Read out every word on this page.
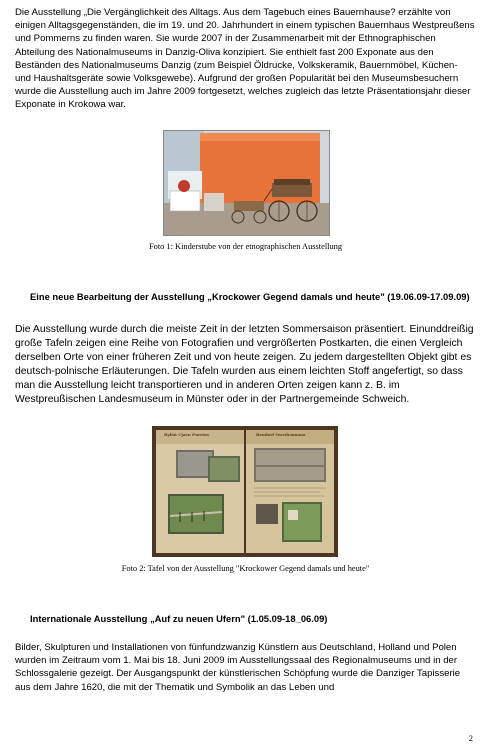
Die Ausstellung „Die Vergänglichkeit des Alltags. Aus dem Tagebuch eines Bauernhause? erzählte von einigen Alltagsgegenständen, die im 19. und 20. Jahrhundert in einem typischen Bauernhaus Westpreußens und Pommerns zu finden waren. Sie wurde 2007 in der Zusammenarbeit mit der Ethnographischen Abteilung des Nationalmuseums in Danzig-Oliva konzipiert. Sie enthielt fast 200 Exponate aus den Beständen des Nationalmuseums Danzig (zum Beispiel Öldrucke, Volkskeramik, Bauernmöbel, Küchen- und Haushaltsgeräte sowie Volksgewebe). Aufgrund der großen Popularität bei den Museumsbesuchern wurde die Ausstellung auch im Jahre 2009 fortgesetzt, welches zugleich das letzte Präsentationsjahr dieser Exponate in Krokowa war.

Foto 1: Kinderstube von der etnographischen Ausstellung

Eine neue Bearbeitung der Ausstellung „Krockower Gegend damals und heute" (19.06.09-17.09.09)

Die Ausstellung wurde durch die meiste Zeit in der letzten Sommersaison präsentiert. Einunddreißig große Tafeln zeigen eine Reihe von Fotografien und vergrößerten Postkarten, die einen Vergleich derselben Orte von einer früheren Zeit und von heute zeigen. Zu jedem dargestellten Objekt gibt es deutsch-polnische Erläuterungen. Die Tafeln wurden aus einem leichten Stoff angefertigt, so dass man die Ausstellung leicht transportieren und in anderen Orten zeigen kann z. B. im Westpreußischen Landesmuseum in Münster oder in der Partnergemeinde Schweich.

Byłóń Cjavn Purrius	Bendorf Owedcmmma

Foto 2: Tafel von der Ausstellung "Krockower Gegend damals und heute"

Internationale Ausstellung „Auf zu neuen Ufern" (1.05.09-18_06.09)

Bilder, Skulpturen und Installationen von fünfundzwanzig Künstlern aus Deutschland, Holland und Polen wurden im Zeitraum vom 1. Mai bis 18. Juni 2009 im Ausstellungssaal des Regionalmuseums und in der Schlossgalerie gezeigt. Der Ausgangspunkt der künstlerischen Schöpfung wurde die Danziger Tapisserie aus dem Jahre 1620, die mit der Thematik und Symbolik an das Leben und

2
